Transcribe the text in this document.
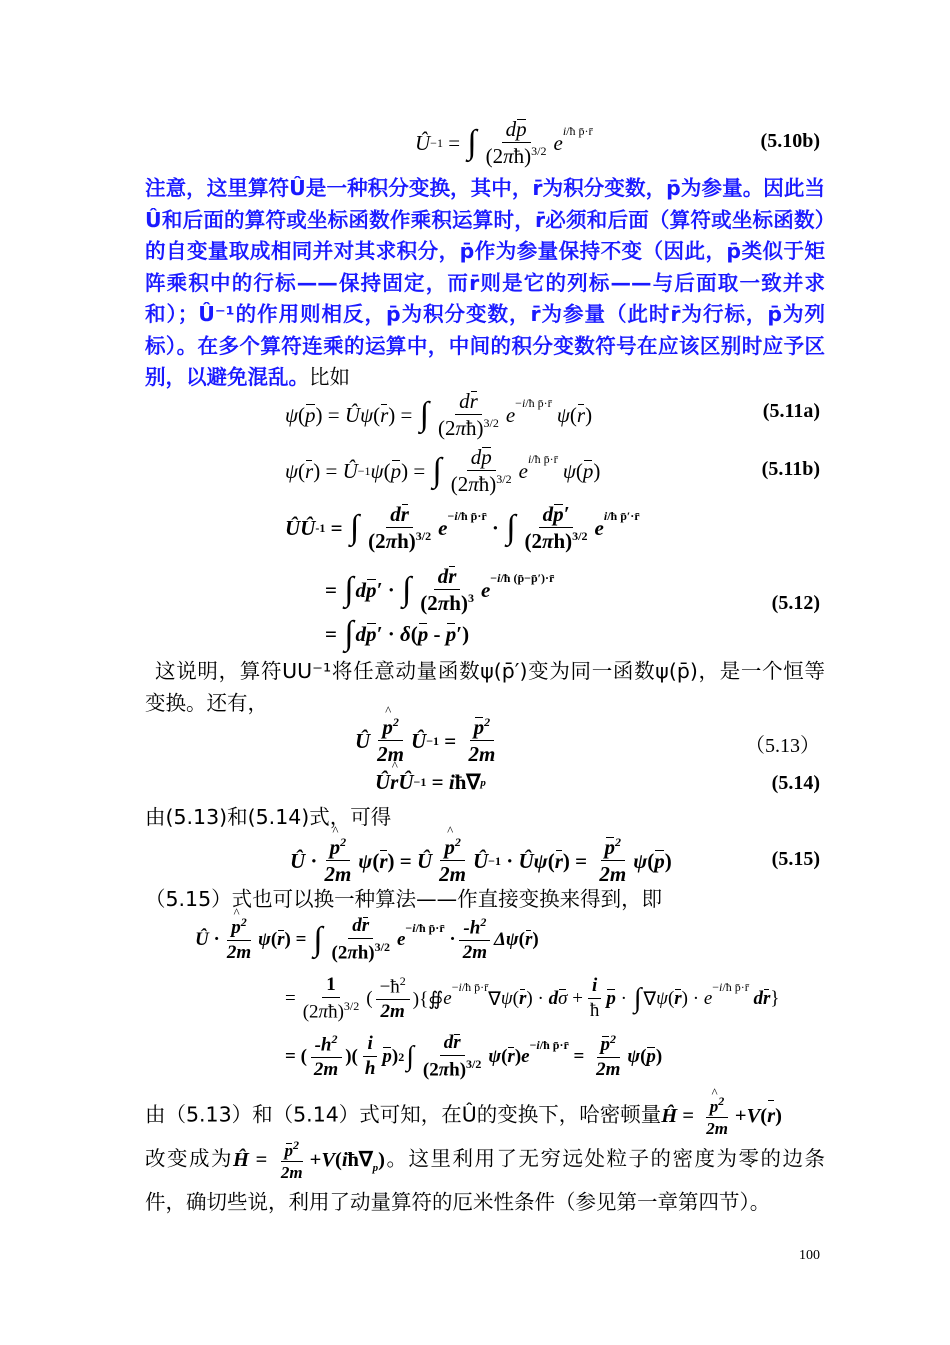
Û −1 = ∫ $\frac{dp}{(2\pi ħ)^{3/2}}$ e i/ħ p̄·r̄	(5.10b)
注意，这里算符Û是一种积分变换，其中，r̄为积分变数，p̄为参量。因此当Û和后面的算符或坐标函数作乘积运算时，r̄必须和后面（算符或坐标函数）的自变量取成相同并对其求积分，p̄作为参量保持不变（因此，p̄类似于矩阵乘积中的行标——保持固定，而r̄则是它的列标——与后面取一致并求和）；Û⁻¹的作用则相反，p̄为积分变数，r̄为参量（此时r̄为行标，p̄为列标）。在多个算符连乘的运算中，中间的积分变数符号在应该区别时应予区别，以避免混乱。比如
ψ ( p ) = Û ψ ( r ) = ∫ $\frac{dr}{(2\pi ħ)^{3/2}}$ e −i/ħ p̄·r̄
ψ ( r )	(5.11a)
ψ ( r ) = Û −1 ψ ( p ) = ∫ $\frac{dp}{(2\pi ħ)^{3/2}}$ e i/ħ p̄·r̄
ψ ( p )	(5.11b)
ÛÛ -1 = ∫ $\frac{dr}{(2\pi h)^{3/2}}$ e −i/ħ p̄·r̄ · ∫ $\frac{dp'}{(2\pi h)^{3/2}}$ e i/ħ p̄′·r̄
= ∫ dp′ · ∫ $\frac{dr}{(2\pi h)^3}$ e −i/ħ (p̄−p̄′)·r̄
(5.12)
= ∫ dp′ · δ ( p - p ′)
这说明，算符UU⁻¹将任意动量函数ψ(p̄′)变为同一函数ψ(p̄)，是一个恒等变换。还有，
Û ^ $\frac{p^2}{2m}$ Û $-1 = \frac{p^2}{2m}$	（5.13）
Û^ rÛ −1 = i ħ∇ p	(5.14)
由(5.13)和(5.14)式，可得
Û · ^ $\frac{p^2}{2m}$ ψ ( r ) = Û ^ $\frac{p^2}{2m}$ Û −1 · Ûψ ( r ) = $\frac{p^2}{2m}$ ψ ( p )	(5.15)
（5.15）式也可以换一种算法——作直接变换来得到，即
Û · ^ $\frac{p^2}{2m}$ ψ ( r ) = ∫ $\frac{dr}{(2\pi h)^{3/2}}$ e
−i/ħ p̄·r̄
· $\frac{-h^2}{2m}$ Δψ ( r )
= $\frac{1}{(2\pi ħ)^{3/2}}$ ( $\frac{-ħ^2}{2m}$ ){∯ e
−i/ħ p̄·r̄
∇ ψ ( r ) · d $\sigma + \frac{i}{ħ}$ p · ∫ ∇ ψ ( r ) · e
−i/ħ p̄·r̄

dr }
= ( $\frac{-h^2}{2m}$ )( $\frac{i}{h}$ p ) 2 ∫ $\frac{dr}{(2\pi h)^{3/2}}$ ψ ( r ) e
−i/ħ p̄·r̄
= $\frac{p^2}{2m}$ ψ ( p )
由（5.13）和（5.14）式可知，在Û的变换下，哈密顿量Ĥ = ^ $\frac{p^2}{2m} +V(r)$
改变成为Ĥ = $\frac{p^2}{2m}$ $+V(iħ\nabla_p)$。这里利用了无穷远处粒子的密度为零的边条件，确切些说，利用了动量算符的厄米性条件（参见第一章第四节）。
100
